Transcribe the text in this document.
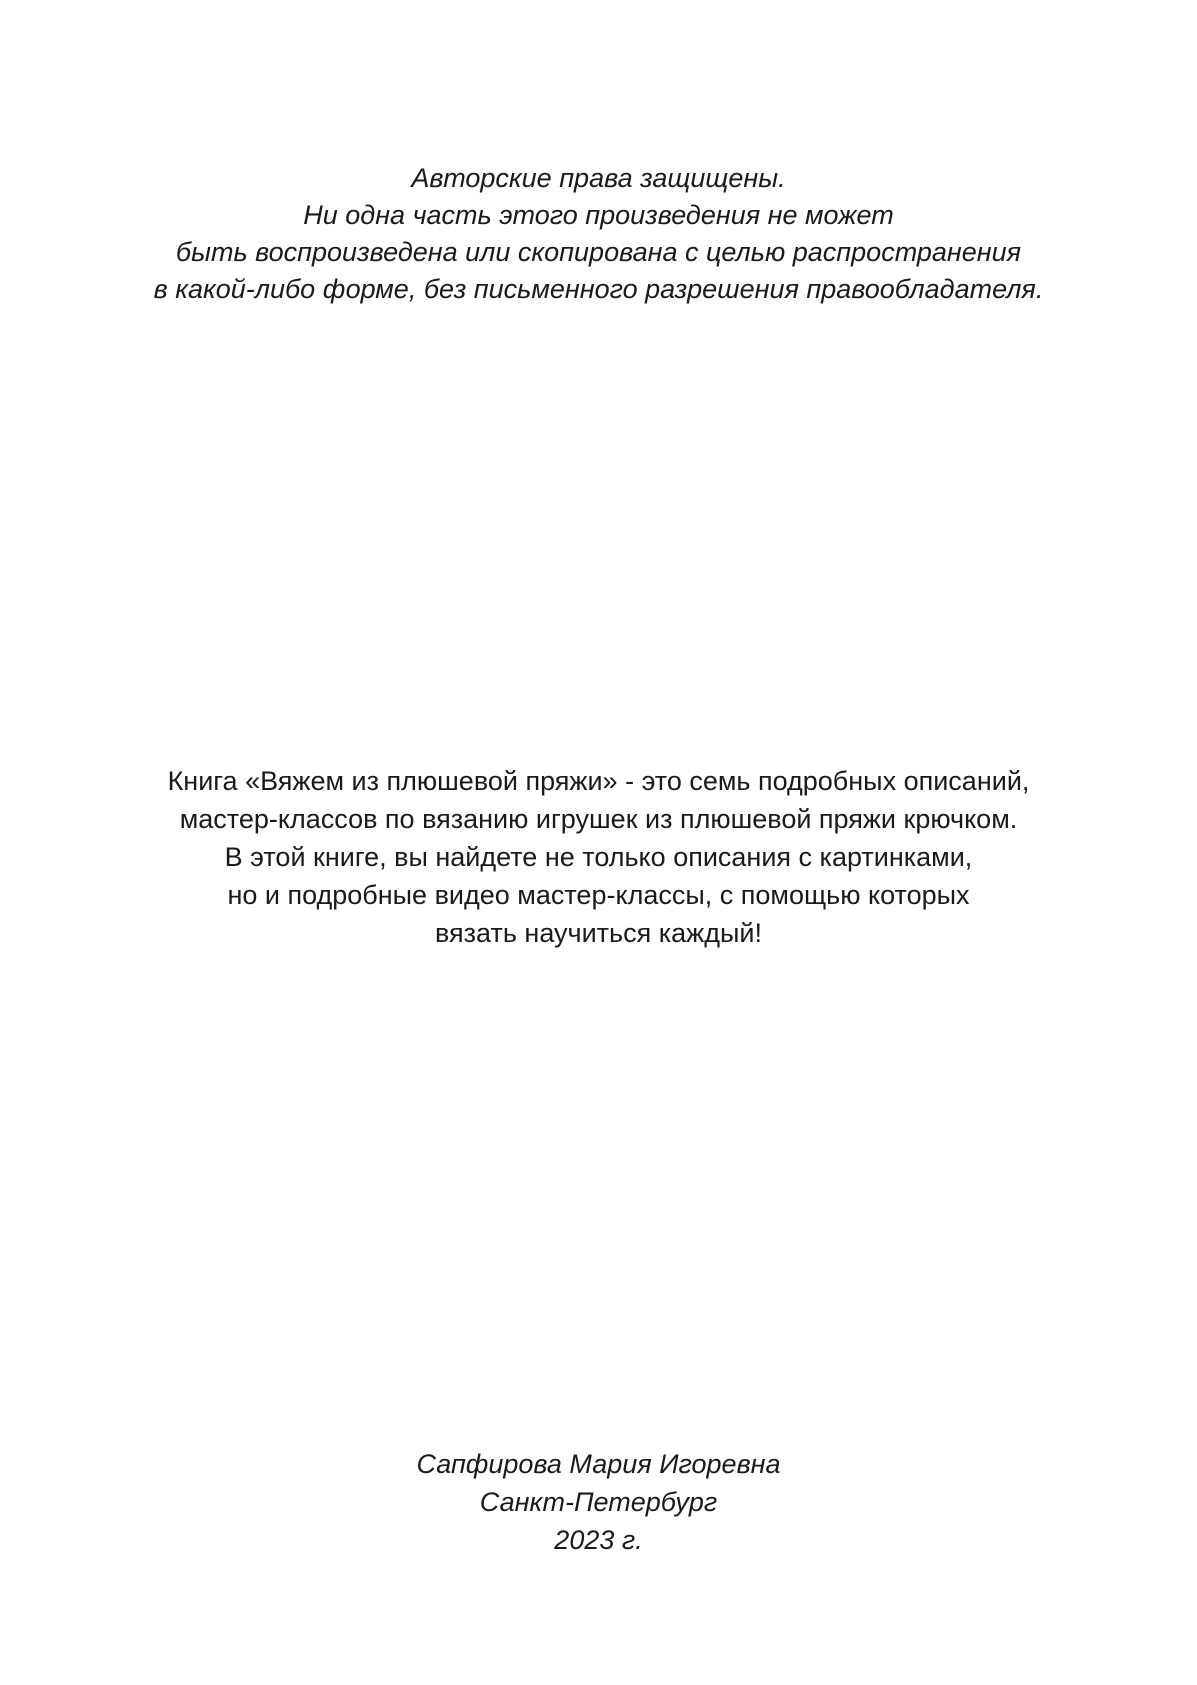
Авторские права защищены.
Ни одна часть этого произведения не может
быть воспроизведена или скопирована с целью распространения
в какой-либо форме, без письменного разрешения правообладателя.
Книга «Вяжем из плюшевой пряжи» - это семь подробных описаний,
мастер-классов по вязанию игрушек из плюшевой пряжи крючком.
В этой книге, вы найдете не только описания с картинками,
но и подробные видео мастер-классы, с помощью которых
вязать научиться каждый!
Сапфирова Мария Игоревна
Санкт-Петербург
2023 г.
